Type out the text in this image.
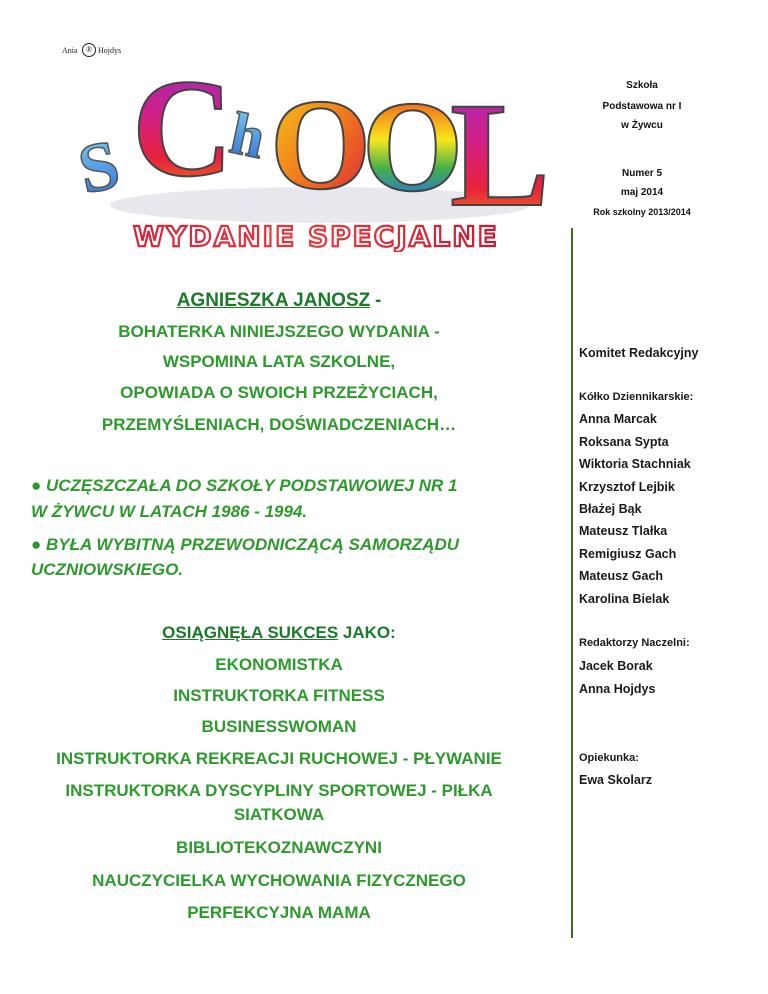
Ania	® Hojdys
S C
h O
O
L
WYDANIE SPECJALNE
Szkoła
Podstawowa nr I
w Żywcu
Numer 5
maj 2014
Rok szkolny 2013/2014
AGNIESZKA JANOSZ -
BOHATERKA NINIEJSZEGO WYDANIA -
WSPOMINA LATA SZKOLNE,
OPOWIADA O SWOICH PRZEŻYCIACH,
PRZEMYŚLENIACH, DOŚWIADCZENIACH…
● UCZĘSZCZAŁA DO SZKOŁY PODSTAWOWEJ NR 1
W ŻYWCU W LATACH 1986 - 1994.
● BYŁA WYBITNĄ PRZEWODNICZĄCĄ SAMORZĄDU
UCZNIOWSKIEGO.
OSIĄGNĘŁA SUKCES JAKO:
EKONOMISTKA
INSTRUKTORKA FITNESS
BUSINESSWOMAN
INSTRUKTORKA REKREACJI RUCHOWEJ - PŁYWANIE
INSTRUKTORKA DYSCYPLINY SPORTOWEJ - PIŁKA
SIATKOWA
BIBLIOTEKOZNAWCZYNI
NAUCZYCIELKA WYCHOWANIA FIZYCZNEGO
PERFEKCYJNA MAMA
Komitet Redakcyjny
Kółko Dziennikarskie:
Anna Marcak
Roksana Sypta
Wiktoria Stachniak
Krzysztof Lejbik
Błażej Bąk
Mateusz Tlałka
Remigiusz Gach
Mateusz Gach
Karolina Bielak
Redaktorzy Naczelni:
Jacek Borak
Anna Hojdys
Opiekunka:
Ewa Skolarz
